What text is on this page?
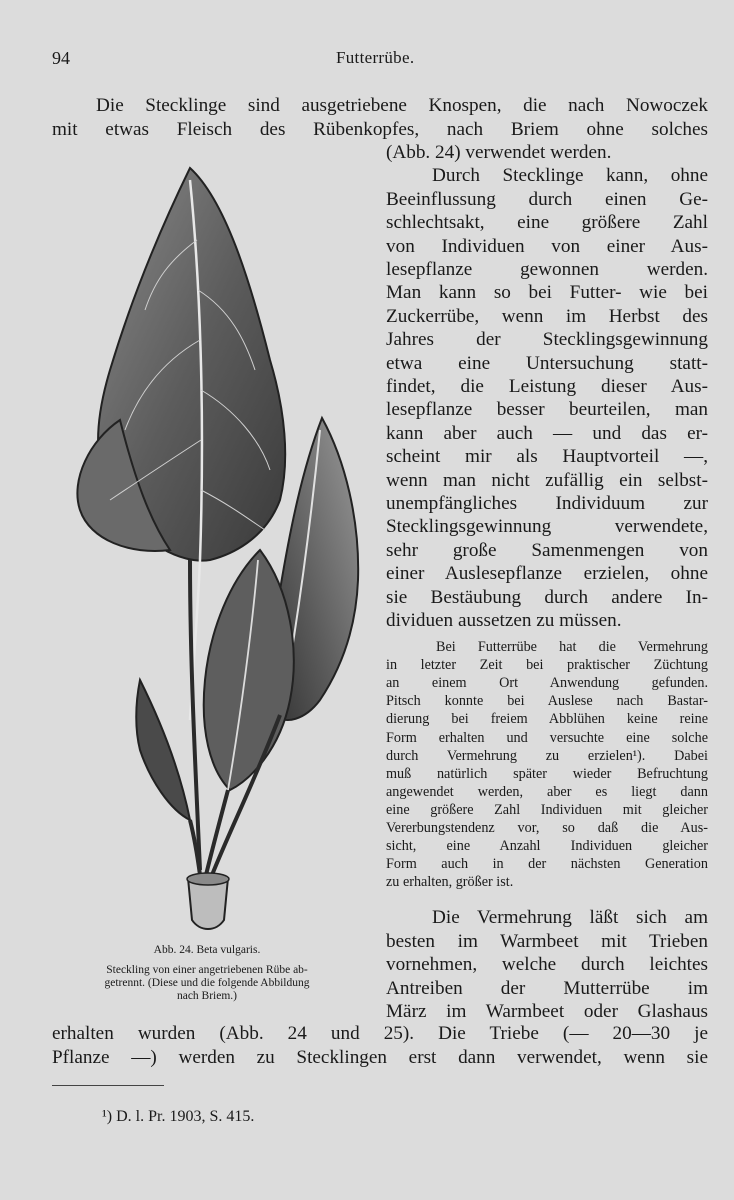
94	Futterrübe.
Die Stecklinge sind ausgetriebene Knospen, die nach Nowoczek
mit etwas Fleisch des Rübenkopfes, nach Briem ohne solches
(Abb. 24) verwendet werden.
Durch Stecklinge kann, ohne
Beeinflussung durch einen Ge-
schlechtsakt, eine größere Zahl
von Individuen von einer Aus-
lesepflanze gewonnen werden.
Man kann so bei Futter- wie bei
Zuckerrübe, wenn im Herbst des
Jahres der Stecklingsgewinnung
etwa eine Untersuchung statt-
findet, die Leistung dieser Aus-
lesepflanze besser beurteilen, man
kann aber auch — und das er-
scheint mir als Hauptvorteil —,
wenn man nicht zufällig ein selbst-
unempfängliches Individuum zur
Stecklingsgewinnung verwendete,
sehr große Samenmengen von
einer Auslesepflanze erzielen, ohne
sie Bestäubung durch andere In-
dividuen aussetzen zu müssen.
Bei Futterrübe hat die Vermehrung
in letzter Zeit bei praktischer Züchtung
an einem Ort Anwendung gefunden.
Pitsch konnte bei Auslese nach Bastar-
dierung bei freiem Abblühen keine reine
Form erhalten und versuchte eine solche
durch Vermehrung zu erzielen¹). Dabei
muß natürlich später wieder Befruchtung
angewendet werden, aber es liegt dann
eine größere Zahl Individuen mit gleicher
Vererbungstendenz vor, so daß die Aus-
sicht, eine Anzahl Individuen gleicher
Form auch in der nächsten Generation
zu erhalten, größer ist.
Die Vermehrung läßt sich am
besten im Warmbeet mit Trieben
vornehmen, welche durch leichtes
Antreiben der Mutterrübe im
März im Warmbeet oder Glashaus
erhalten wurden (Abb. 24 und 25). Die Triebe (— 20—30 je
Pflanze —) werden zu Stecklingen erst dann verwendet, wenn sie
Abb. 24. Beta vulgaris.
Steckling von einer angetriebenen Rübe ab-
getrennt. (Diese und die folgende Abbildung
nach Briem.)
¹) D. l. Pr. 1903, S. 415.
